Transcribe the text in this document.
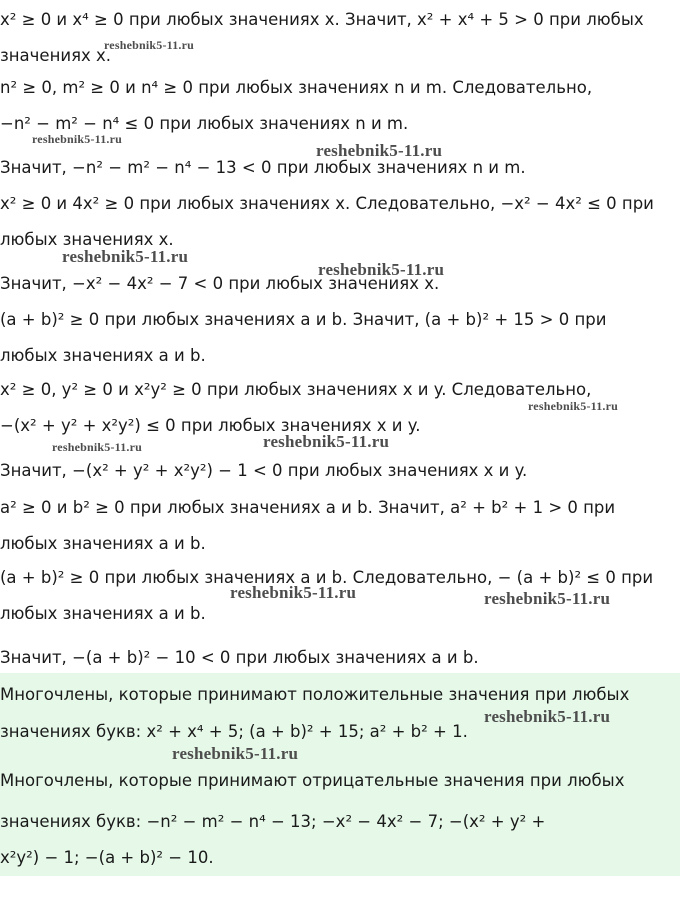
x² ≥ 0 и x⁴ ≥ 0 при любых значениях x. Значит, x² + x⁴ + 5 > 0 при любых
значениях x.
n² ≥ 0, m² ≥ 0 и n⁴ ≥ 0 при любых значениях n и m. Следовательно,
−n² − m² − n⁴ ≤ 0 при любых значениях n и m.
Значит, −n² − m² − n⁴ − 13 < 0 при любых значениях n и m.
x² ≥ 0 и 4x² ≥ 0 при любых значениях x. Следовательно, −x² − 4x² ≤ 0 при
любых значениях x.
Значит, −x² − 4x² − 7 < 0 при любых значениях x.
(a + b)² ≥ 0 при любых значениях a и b. Значит, (a + b)² + 15 > 0 при
любых значениях a и b.
x² ≥ 0, y² ≥ 0 и x²y² ≥ 0 при любых значениях x и y. Следовательно,
−(x² + y² + x²y²) ≤ 0 при любых значениях x и y.
Значит, −(x² + y² + x²y²) − 1 < 0 при любых значениях x и y.
a² ≥ 0 и b² ≥ 0 при любых значениях a и b. Значит, a² + b² + 1 > 0 при
любых значениях a и b.
(a + b)² ≥ 0 при любых значениях a и b. Следовательно, − (a + b)² ≤ 0 при
любых значениях a и b.
Значит, −(a + b)² − 10 < 0 при любых значениях a и b.
Многочлены, которые принимают положительные значения при любых
значениях букв: x² + x⁴ + 5; (a + b)² + 15; a² + b² + 1.
Многочлены, которые принимают отрицательные значения при любых
значениях букв: −n² − m² − n⁴ − 13; −x² − 4x² − 7; −(x² + y² +
x²y²) − 1; −(a + b)² − 10.
reshebnik5-11.ru
reshebnik5-11.ru
reshebnik5-11.ru
reshebnik5-11.ru
reshebnik5-11.ru
reshebnik5-11.ru
reshebnik5-11.ru	reshebnik5-11.ru
reshebnik5-11.ru	reshebnik5-11.ru
reshebnik5-11.ru
reshebnik5-11.ru
